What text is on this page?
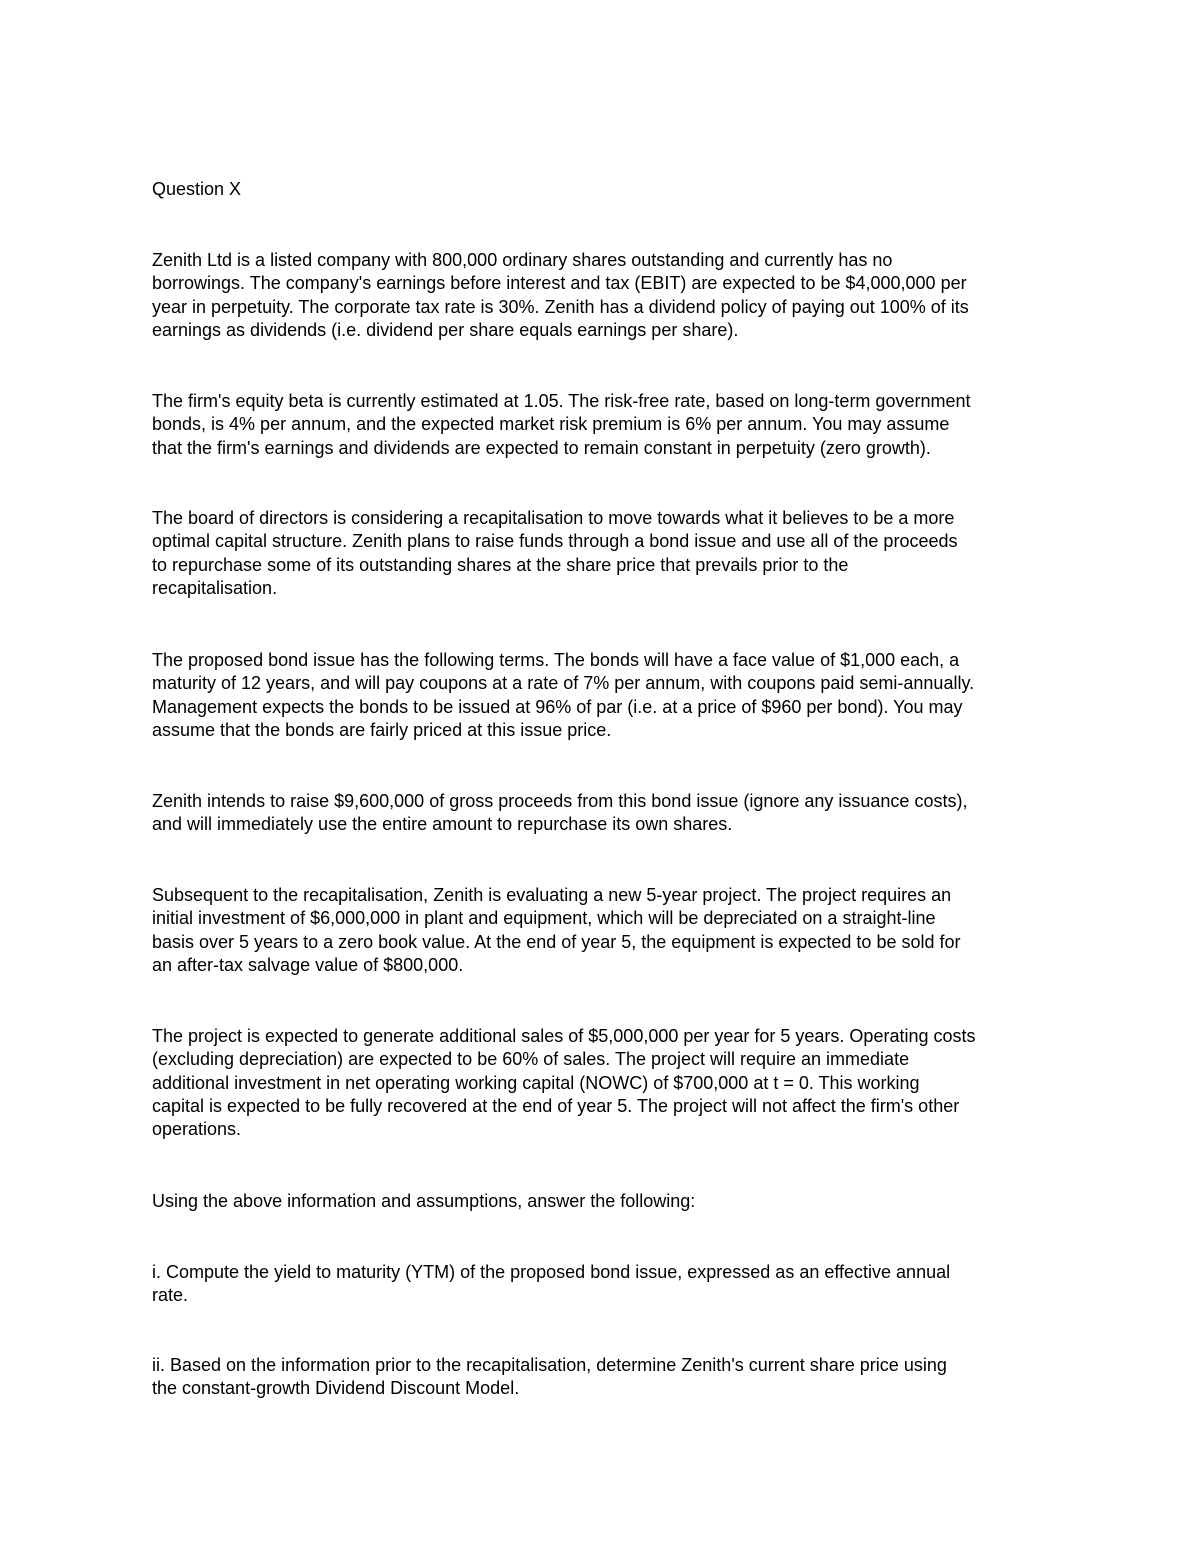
Question X

Zenith Ltd is a listed company with 800,000 ordinary shares outstanding and currently has no
borrowings. The company's earnings before interest and tax (EBIT) are expected to be $4,000,000 per
year in perpetuity. The corporate tax rate is 30%. Zenith has a dividend policy of paying out 100% of its
earnings as dividends (i.e. dividend per share equals earnings per share).

The firm's equity beta is currently estimated at 1.05. The risk-free rate, based on long-term government
bonds, is 4% per annum, and the expected market risk premium is 6% per annum. You may assume
that the firm's earnings and dividends are expected to remain constant in perpetuity (zero growth).

The board of directors is considering a recapitalisation to move towards what it believes to be a more
optimal capital structure. Zenith plans to raise funds through a bond issue and use all of the proceeds
to repurchase some of its outstanding shares at the share price that prevails prior to the
recapitalisation.

The proposed bond issue has the following terms. The bonds will have a face value of $1,000 each, a
maturity of 12 years, and will pay coupons at a rate of 7% per annum, with coupons paid semi-annually.
Management expects the bonds to be issued at 96% of par (i.e. at a price of $960 per bond). You may
assume that the bonds are fairly priced at this issue price.

Zenith intends to raise $9,600,000 of gross proceeds from this bond issue (ignore any issuance costs),
and will immediately use the entire amount to repurchase its own shares.

Subsequent to the recapitalisation, Zenith is evaluating a new 5-year project. The project requires an
initial investment of $6,000,000 in plant and equipment, which will be depreciated on a straight-line
basis over 5 years to a zero book value. At the end of year 5, the equipment is expected to be sold for
an after-tax salvage value of $800,000.

The project is expected to generate additional sales of $5,000,000 per year for 5 years. Operating costs
(excluding depreciation) are expected to be 60% of sales. The project will require an immediate
additional investment in net operating working capital (NOWC) of $700,000 at t = 0. This working
capital is expected to be fully recovered at the end of year 5. The project will not affect the firm's other
operations.

Using the above information and assumptions, answer the following:

i. Compute the yield to maturity (YTM) of the proposed bond issue, expressed as an effective annual
rate.

ii. Based on the information prior to the recapitalisation, determine Zenith's current share price using
the constant-growth Dividend Discount Model.
